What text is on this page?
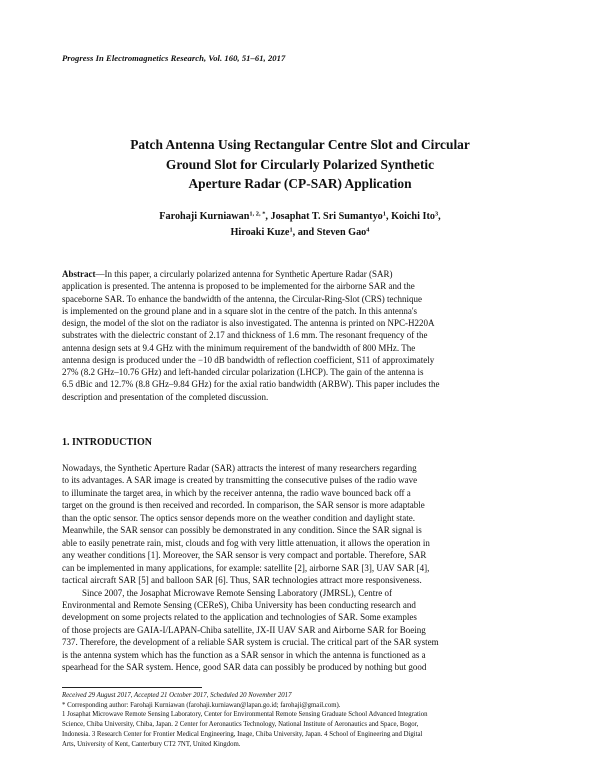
Progress In Electromagnetics Research, Vol. 160, 51–61, 2017
Patch Antenna Using Rectangular Centre Slot and Circular
Ground Slot for Circularly Polarized Synthetic
Aperture Radar (CP-SAR) Application
Farohaji Kurniawan$^{1, 2, *}$, Josaphat T. Sri Sumantyo$^1$, Koichi Ito$^3$,
Hiroaki Kuze$^1$, and Steven Gao$^4$
Abstract—In this paper, a circularly polarized antenna for Synthetic Aperture Radar (SAR)
application is presented. The antenna is proposed to be implemented for the airborne SAR and the
spaceborne SAR. To enhance the bandwidth of the antenna, the Circular-Ring-Slot (CRS) technique
is implemented on the ground plane and in a square slot in the centre of the patch. In this antenna's
design, the model of the slot on the radiator is also investigated. The antenna is printed on NPC-H220A
substrates with the dielectric constant of 2.17 and thickness of 1.6 mm. The resonant frequency of the
antenna design sets at 9.4 GHz with the minimum requirement of the bandwidth of 800 MHz. The
antenna design is produced under the −10 dB bandwidth of reflection coefficient, S11 of approximately
27% (8.2 GHz–10.76 GHz) and left-handed circular polarization (LHCP). The gain of the antenna is
6.5 dBic and 12.7% (8.8 GHz–9.84 GHz) for the axial ratio bandwidth (ARBW). This paper includes the
description and presentation of the completed discussion.
1. INTRODUCTION
Nowadays, the Synthetic Aperture Radar (SAR) attracts the interest of many researchers regarding
to its advantages. A SAR image is created by transmitting the consecutive pulses of the radio wave
to illuminate the target area, in which by the receiver antenna, the radio wave bounced back off a
target on the ground is then received and recorded. In comparison, the SAR sensor is more adaptable
than the optic sensor. The optics sensor depends more on the weather condition and daylight state.
Meanwhile, the SAR sensor can possibly be demonstrated in any condition. Since the SAR signal is
able to easily penetrate rain, mist, clouds and fog with very little attenuation, it allows the operation in
any weather conditions [1]. Moreover, the SAR sensor is very compact and portable. Therefore, SAR
can be implemented in many applications, for example: satellite [2], airborne SAR [3], UAV SAR [4],
tactical aircraft SAR [5] and balloon SAR [6]. Thus, SAR technologies attract more responsiveness.
Since 2007, the Josaphat Microwave Remote Sensing Laboratory (JMRSL), Centre of
Environmental and Remote Sensing (CEReS), Chiba University has been conducting research and
development on some projects related to the application and technologies of SAR. Some examples
of those projects are GAIA-I/LAPAN-Chiba satellite, JX-II UAV SAR and Airborne SAR for Boeing
737. Therefore, the development of a reliable SAR system is crucial. The critical part of the SAR system
is the antenna system which has the function as a SAR sensor in which the antenna is functioned as a
spearhead for the SAR system. Hence, good SAR data can possibly be produced by nothing but good
Received 29 August 2017, Accepted 21 October 2017, Scheduled 20 November 2017
* Corresponding author: Farohaji Kurniawan (farohaji.kurniawan@lapan.go.id; farohaji@gmail.com).
1 Josaphat Microwave Remote Sensing Laboratory, Center for Environmental Remote Sensing Graduate School Advanced Integration
Science, Chiba University, Chiba, Japan. 2 Center for Aeronautics Technology, National Institute of Aeronautics and Space, Bogor,
Indonesia. 3 Research Center for Frontier Medical Engineering, Inage, Chiba University, Japan. 4 School of Engineering and Digital
Arts, University of Kent, Canterbury CT2 7NT, United Kingdom.
